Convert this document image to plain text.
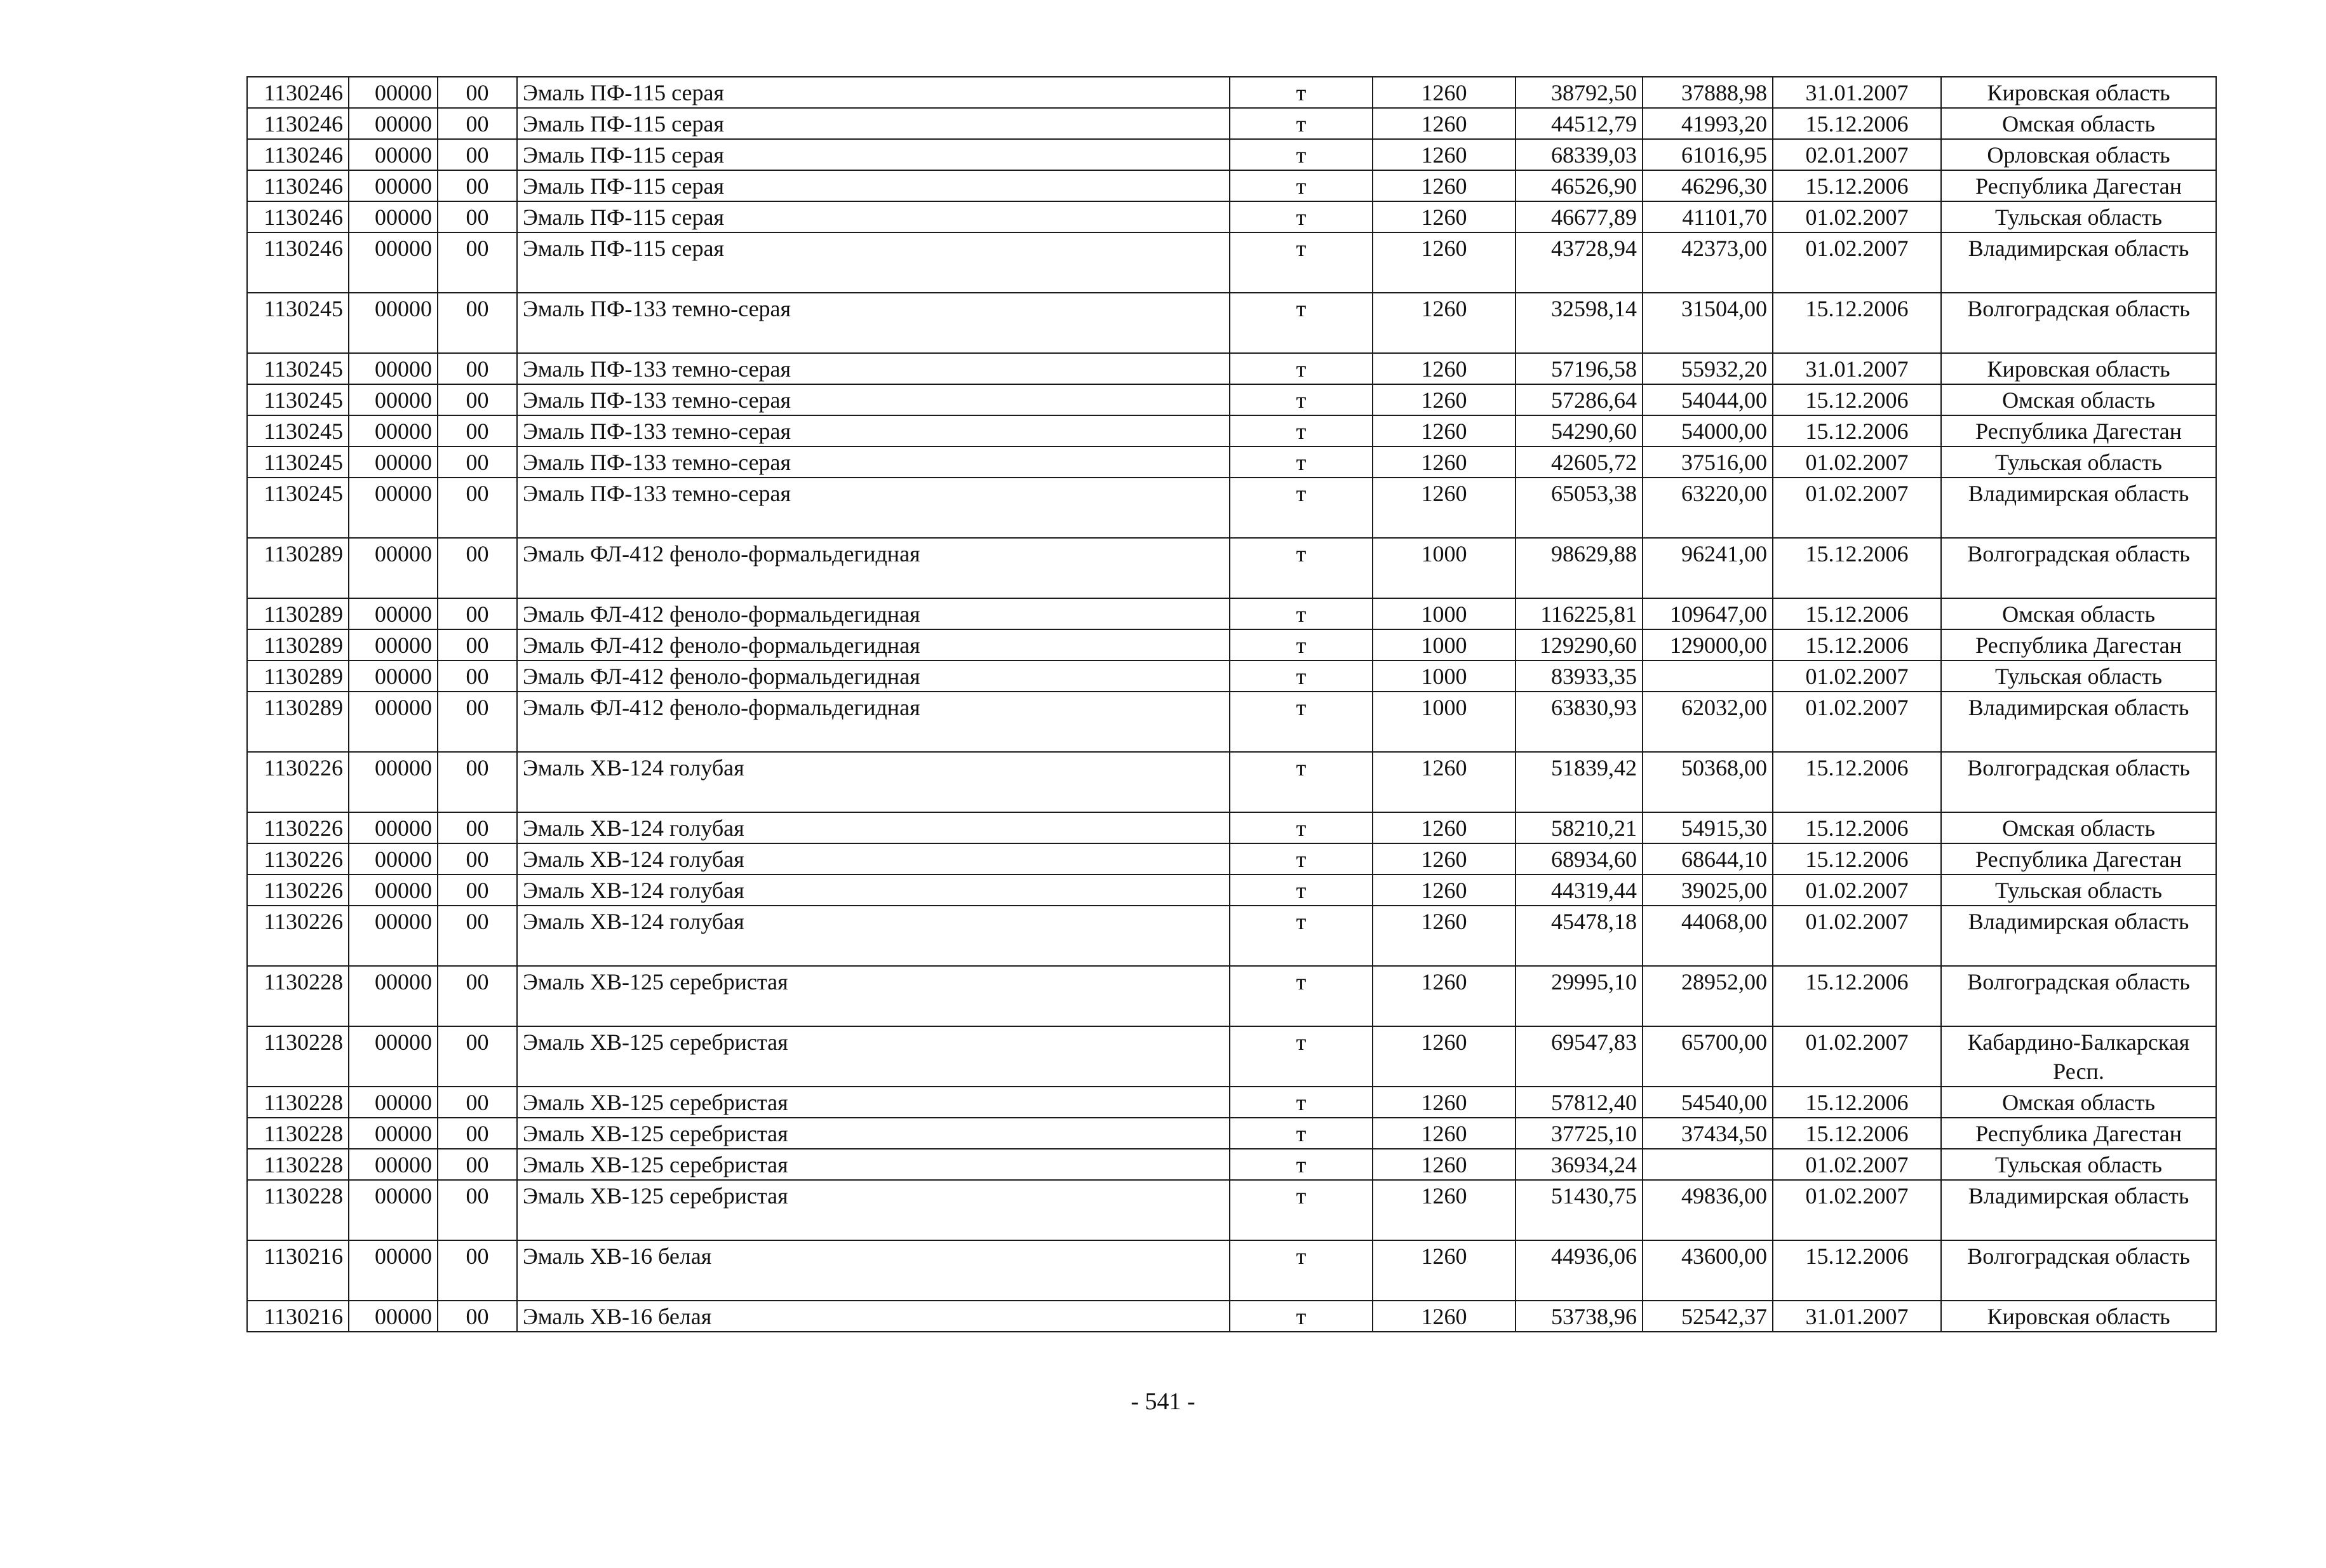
1130246	00000	00	Эмаль ПФ-115 серая	т	1260	38792,50	37888,98	31.01.2007	Кировская область
1130246	00000	00	Эмаль ПФ-115 серая	т	1260	44512,79	41993,20	15.12.2006	Омская область
1130246	00000	00	Эмаль ПФ-115 серая	т	1260	68339,03	61016,95	02.01.2007	Орловская область
1130246	00000	00	Эмаль ПФ-115 серая	т	1260	46526,90	46296,30	15.12.2006	Республика Дагестан
1130246	00000	00	Эмаль ПФ-115 серая	т	1260	46677,89	41101,70	01.02.2007	Тульская область
1130246	00000	00	Эмаль ПФ-115 серая	т	1260	43728,94	42373,00	01.02.2007	Владимирская область
1130245	00000	00	Эмаль ПФ-133 темно-серая	т	1260	32598,14	31504,00	15.12.2006	Волгоградская область
1130245	00000	00	Эмаль ПФ-133 темно-серая	т	1260	57196,58	55932,20	31.01.2007	Кировская область
1130245	00000	00	Эмаль ПФ-133 темно-серая	т	1260	57286,64	54044,00	15.12.2006	Омская область
1130245	00000	00	Эмаль ПФ-133 темно-серая	т	1260	54290,60	54000,00	15.12.2006	Республика Дагестан
1130245	00000	00	Эмаль ПФ-133 темно-серая	т	1260	42605,72	37516,00	01.02.2007	Тульская область
1130245	00000	00	Эмаль ПФ-133 темно-серая	т	1260	65053,38	63220,00	01.02.2007	Владимирская область
1130289	00000	00	Эмаль ФЛ-412 феноло-формальдегидная	т	1000	98629,88	96241,00	15.12.2006	Волгоградская область
1130289	00000	00	Эмаль ФЛ-412 феноло-формальдегидная	т	1000	116225,81	109647,00	15.12.2006	Омская область
1130289	00000	00	Эмаль ФЛ-412 феноло-формальдегидная	т	1000	129290,60	129000,00	15.12.2006	Республика Дагестан
1130289	00000	00	Эмаль ФЛ-412 феноло-формальдегидная	т	1000	83933,35		01.02.2007	Тульская область
1130289	00000	00	Эмаль ФЛ-412 феноло-формальдегидная	т	1000	63830,93	62032,00	01.02.2007	Владимирская область
1130226	00000	00	Эмаль ХВ-124 голубая	т	1260	51839,42	50368,00	15.12.2006	Волгоградская область
1130226	00000	00	Эмаль ХВ-124 голубая	т	1260	58210,21	54915,30	15.12.2006	Омская область
1130226	00000	00	Эмаль ХВ-124 голубая	т	1260	68934,60	68644,10	15.12.2006	Республика Дагестан
1130226	00000	00	Эмаль ХВ-124 голубая	т	1260	44319,44	39025,00	01.02.2007	Тульская область
1130226	00000	00	Эмаль ХВ-124 голубая	т	1260	45478,18	44068,00	01.02.2007	Владимирская область
1130228	00000	00	Эмаль ХВ-125 серебристая	т	1260	29995,10	28952,00	15.12.2006	Волгоградская область
1130228	00000	00	Эмаль ХВ-125 серебристая	т	1260	69547,83	65700,00	01.02.2007	Кабардино-Балкарская Респ.
1130228	00000	00	Эмаль ХВ-125 серебристая	т	1260	57812,40	54540,00	15.12.2006	Омская область
1130228	00000	00	Эмаль ХВ-125 серебристая	т	1260	37725,10	37434,50	15.12.2006	Республика Дагестан
1130228	00000	00	Эмаль ХВ-125 серебристая	т	1260	36934,24		01.02.2007	Тульская область
1130228	00000	00	Эмаль ХВ-125 серебристая	т	1260	51430,75	49836,00	01.02.2007	Владимирская область
1130216	00000	00	Эмаль ХВ-16 белая	т	1260	44936,06	43600,00	15.12.2006	Волгоградская область
1130216	00000	00	Эмаль ХВ-16 белая	т	1260	53738,96	52542,37	31.01.2007	Кировская область
- 541 -
